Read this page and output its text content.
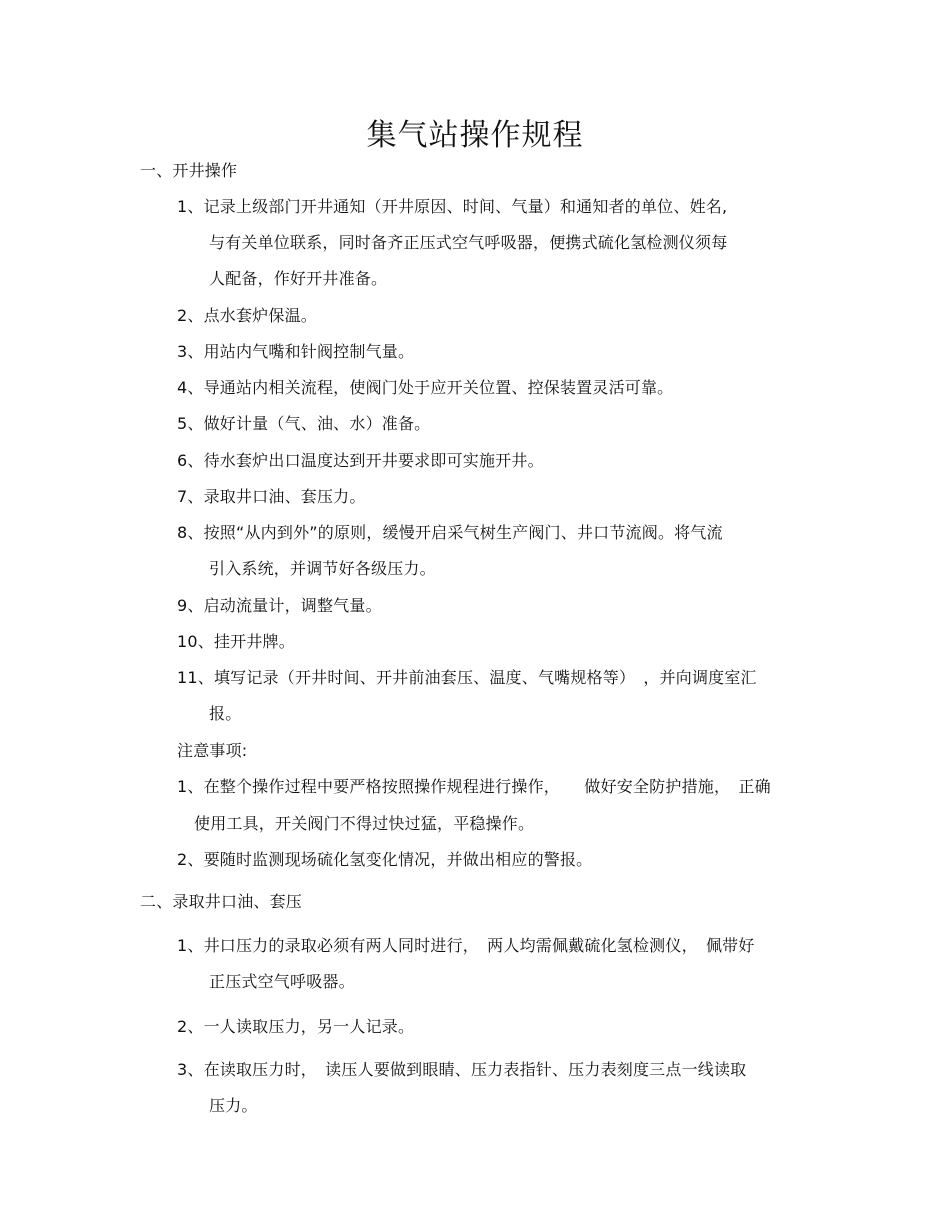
集气站操作规程
一、开井操作
1、记录上级部门开井通知（开井原因、时间、气量）和通知者的单位、姓名,
与有关单位联系，同时备齐正压式空气呼吸器，便携式硫化氢检测仪须每
人配备，作好开井准备。
2、点水套炉保温。
3、用站内气嘴和针阀控制气量。
4、导通站内相关流程，使阀门处于应开关位置、控保装置灵活可靠。
5、做好计量（气、油、水）准备。
6、待水套炉出口温度达到开井要求即可实施开井。
7、录取井口油、套压力。
8、按照“从内到外”的原则，缓慢开启采气树生产阀门、井口节流阀。将气流
引入系统，并调节好各级压力。
9、启动流量计，调整气量。
10、挂开井牌。
11、填写记录（开井时间、开井前油套压、温度、气嘴规格等）　，并向调度室汇
报。
注意事项:
1、在整个操作过程中要严格按照操作规程进行操作，　　做好安全防护措施，　正确
使用工具，开关阀门不得过快过猛，平稳操作。
2、要随时监测现场硫化氢变化情况，并做出相应的警报。
二、录取井口油、套压
1、井口压力的录取必须有两人同时进行，　两人均需佩戴硫化氢检测仪，　佩带好
正压式空气呼吸器。
2、一人读取压力，另一人记录。
3、在读取压力时，　读压人要做到眼睛、压力表指针、压力表刻度三点一线读取
压力。
